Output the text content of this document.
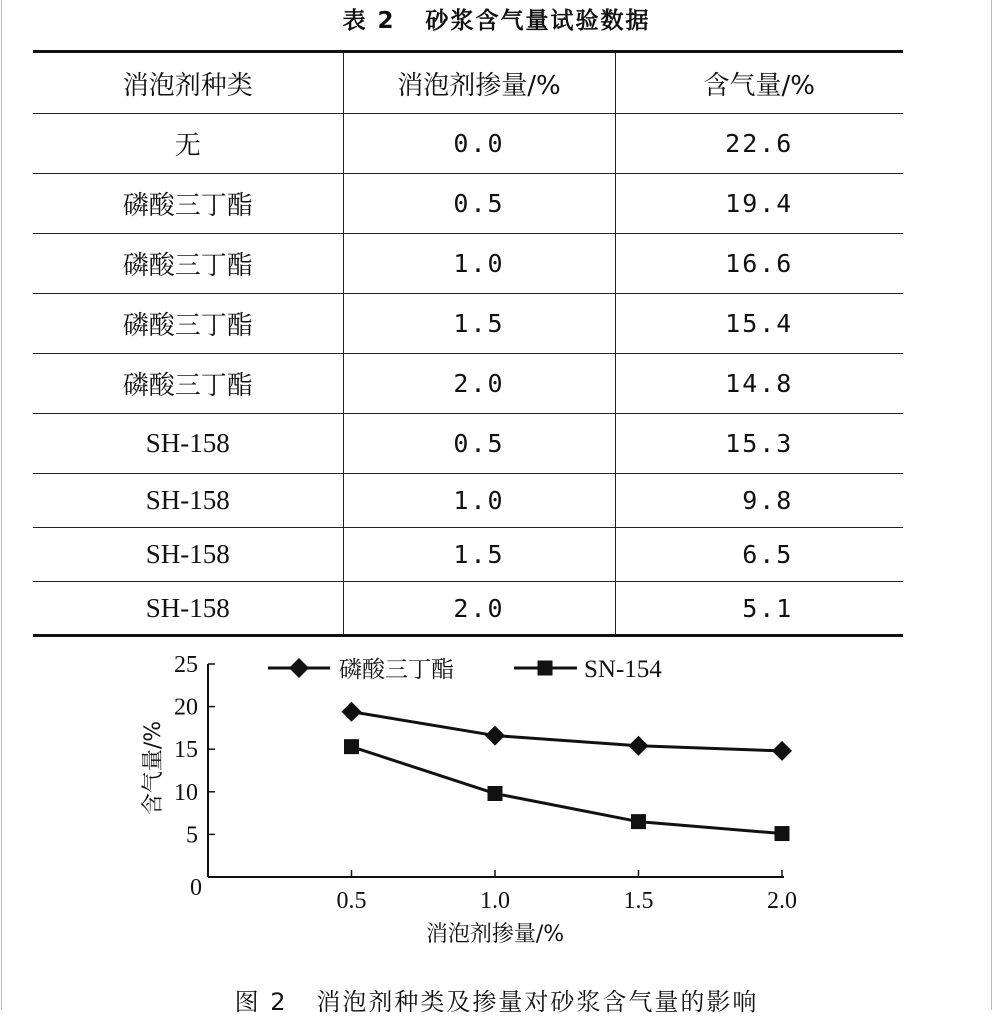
表 2   砂浆含气量试验数据
消泡剂种类	消泡剂掺量/%	含气量/%
无	0.0	22.6
磷酸三丁酯	0.5	19.4
磷酸三丁酯	1.0	16.6
磷酸三丁酯	1.5	15.4
磷酸三丁酯	2.0	14.8
SH-158	0.5	15.3
SH-158	1.0	9.8
SH-158	1.5	6.5
SH-158	2.0	5.1
0
5
10
15
20
25
0.5	1.0	1.5	2.0
消泡剂掺量/%
含气量/%
磷酸三丁酯	SN-154
图 2   消泡剂种类及掺量对砂浆含气量的影响
